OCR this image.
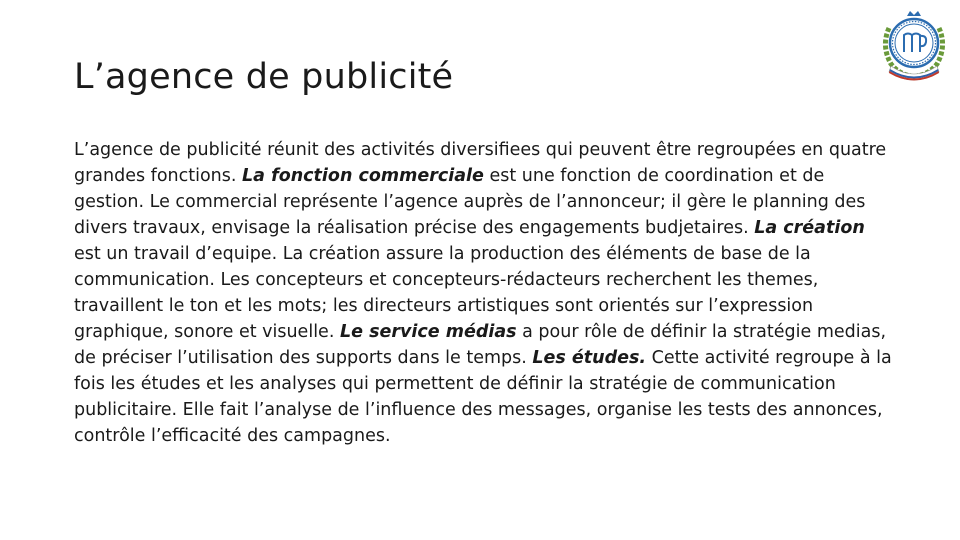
L’agence de publicité

L’agence de publicité réunit des activités diversifiees qui peuvent être regroupées en quatre grandes fonctions. La fonction commerciale est une fonction de coordination et de gestion. Le commercial représente l’agence auprès de l’annonceur; il gère le planning des divers travaux, envisage la réalisation précise des engagements budjetaires. La création est un travail d’equipe. La création assure la production des éléments de base de la communication. Les concepteurs et concepteurs-rédacteurs recherchent les themes, travaillent le ton et les mots; les directeurs artistiques sont orientés sur l’expression graphique, sonore et visuelle. Le service médias a pour rôle de définir la stratégie medias, de préciser l’utilisation des supports dans le temps. Les études. Cette activité regroupe à la fois les études et les analyses qui permettent de définir la stratégie de communication publicitaire. Elle fait l’analyse de l’influence des messages, organise les tests des annonces, contrôle l’efficacité des campagnes.
